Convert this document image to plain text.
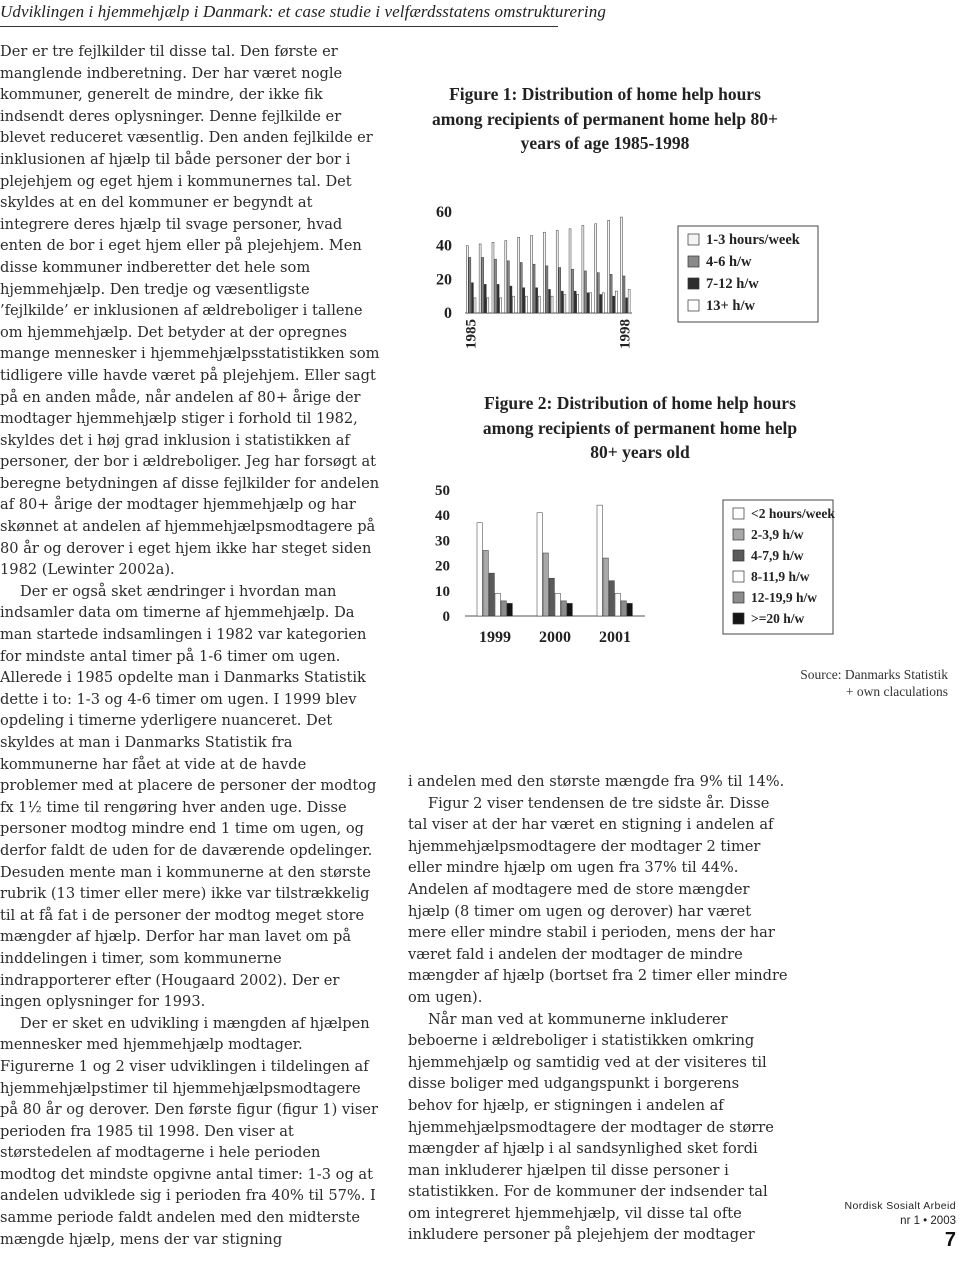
Udviklingen i hjemmehjælp i Danmark: et case studie i velfærdsstatens omstrukturering

Der er tre fejlkilder til disse tal. Den første er manglende indberetning. Der har været nogle kommuner, generelt de mindre, der ikke fik indsendt deres oplysninger. Denne fejlkilde er blevet reduceret væsentlig. Den anden fejlkilde er inklusionen af hjælp til både personer der bor i plejehjem og eget hjem i kommunernes tal. Det skyldes at en del kommuner er begyndt at integrere deres hjælp til svage personer, hvad enten de bor i eget hjem eller på plejehjem. Men disse kommuner indberetter det hele som hjemmehjælp. Den tredje og væsentligste ’fejlkilde’ er inklusionen af ældreboliger i tallene om hjemmehjælp. Det betyder at der opregnes mange mennesker i hjemmehjælpsstatistikken som tidligere ville havde været på plejehjem. Eller sagt på en anden måde, når andelen af 80+ årige der modtager hjemmehjælp stiger i forhold til 1982, skyldes det i høj grad inklusion i statistikken af personer, der bor i ældreboliger. Jeg har forsøgt at beregne betydningen af disse fejlkilder for andelen af 80+ årige der modtager hjemmehjælp og har skønnet at andelen af hjemmehjælpsmodtagere på 80 år og derover i eget hjem ikke har steget siden 1982 (Lewinter 2002a).

Der er også sket ændringer i hvordan man indsamler data om timerne af hjemmehjælp. Da man startede indsamlingen i 1982 var kategorien for mindste antal timer på 1-6 timer om ugen. Allerede i 1985 opdelte man i Danmarks Statistik dette i to: 1-3 og 4-6 timer om ugen. I 1999 blev opdeling i timerne yderligere nuanceret. Det skyldes at man i Danmarks Statistik fra kommunerne har fået at vide at de havde problemer med at placere de personer der modtog fx 1½ time til rengøring hver anden uge. Disse personer modtog mindre end 1 time om ugen, og derfor faldt de uden for de daværende opdelinger. Desuden mente man i kommunerne at den største rubrik (13 timer eller mere) ikke var tilstrækkelig til at få fat i de personer der modtog meget store mængder af hjælp. Derfor har man lavet om på inddelingen i timer, som kommunerne indrapporterer efter (Hougaard 2002). Der er ingen oplysninger for 1993.

Der er sket en udvikling i mængden af hjælpen mennesker med hjemmehjælp modtager. Figurerne 1 og 2 viser udviklingen i tildelingen af hjemmehjælpstimer til hjemmehjælpsmodtagere på 80 år og derover. Den første figur (figur 1) viser perioden fra 1985 til 1998. Den viser at størstedelen af modtagerne i hele perioden modtog det mindste opgivne antal timer: 1-3 og at andelen udviklede sig i perioden fra 40% til 57%. I samme periode faldt andelen med den midterste mængde hjælp, mens der var stigning

Figure 1: Distribution of home help hours among recipients of permanent home help 80+ years of age 1985-1998
0
20
40
60
1985	1998
1-3 hours/week
4-6 h/w
7-12 h/w
13+ h/w
Figure 2: Distribution of home help hours among recipients of permanent home help 80+ years old
0
10
20
30
40
50
1999 2000 2001
<2 hours/week
2-3,9 h/w
4-7,9 h/w
8-11,9 h/w
12-19,9 h/w
>=20 h/w
Source: Danmarks Statistik
+ own claculations

i andelen med den største mængde fra 9% til 14%.

Figur 2 viser tendensen de tre sidste år. Disse tal viser at der har været en stigning i andelen af hjemmehjælpsmodtagere der modtager 2 timer eller mindre hjælp om ugen fra 37% til 44%. Andelen af modtagere med de store mængder hjælp (8 timer om ugen og derover) har været mere eller mindre stabil i perioden, mens der har været fald i andelen der modtager de mindre mængder af hjælp (bortset fra 2 timer eller mindre om ugen).

Når man ved at kommunerne inkluderer beboerne i ældreboliger i statistikken omkring hjemmehjælp og samtidig ved at der visiteres til disse boliger med udgangspunkt i borgerens behov for hjælp, er stigningen i andelen af hjemmehjælpsmodtagere der modtager de større mængder af hjælp i al sandsynlighed sket fordi man inkluderer hjælpen til disse personer i statistikken. For de kommuner der indsender tal om integreret hjemmehjælp, vil disse tal ofte inkludere personer på plejehjem der modtager

Nordisk Sosialt Arbeid
nr 1 • 2003
7
